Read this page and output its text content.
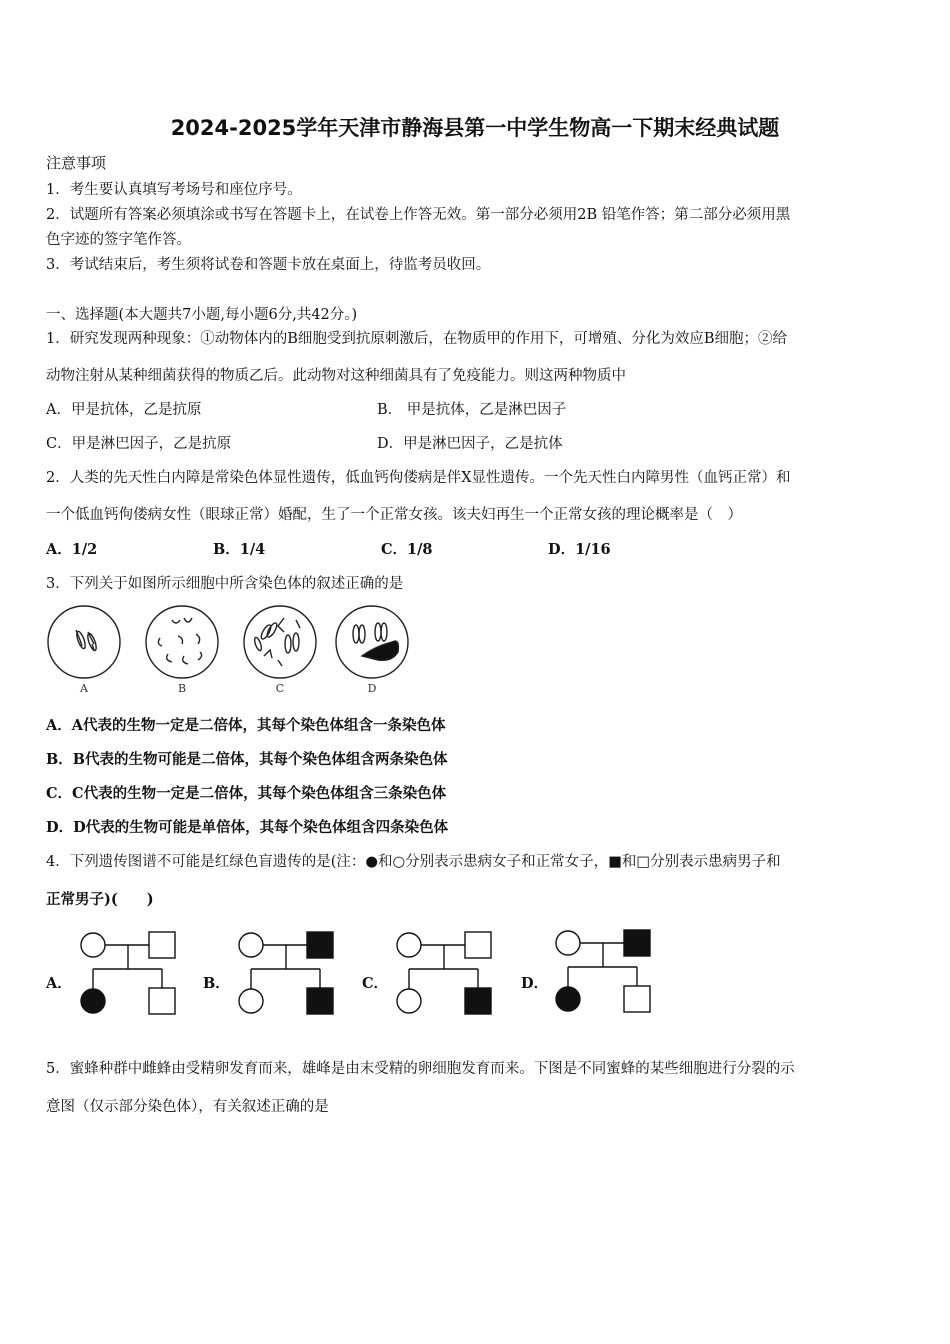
2024-2025学年天津市静海县第一中学生物高一下期末经典试题
注意事项
1．考生要认真填写考场号和座位序号。
2．试题所有答案必须填涂或书写在答题卡上，在试卷上作答无效。第一部分必须用2B 铅笔作答；第二部分必须用黑
色字迹的签字笔作答。
3．考试结束后，考生须将试卷和答题卡放在桌面上，待监考员收回。
一、选择题(本大题共7小题,每小题6分,共42分。)
1．研究发现两种现象：①动物体内的B细胞受到抗原刺激后，在物质甲的作用下，可增殖、分化为效应B细胞；②给
动物注射从某种细菌获得的物质乙后。此动物对这种细菌具有了免疫能力。则这两种物质中
A．甲是抗体，乙是抗原	B． 甲是抗体，乙是淋巴因子
C．甲是淋巴因子，乙是抗原	D．甲是淋巴因子，乙是抗体
2．人类的先天性白内障是常染色体显性遗传，低血钙佝偻病是伴X显性遗传。一个先天性白内障男性（血钙正常）和
一个低血钙佝偻病女性（眼球正常）婚配，生了一个正常女孩。该夫妇再生一个正常女孩的理论概率是（　）
A．1/2	B．1/4	C．1/8	D．1/16
3．下列关于如图所示细胞中所含染色体的叙述正确的是
A	B	C	D
A．A代表的生物一定是二倍体，其每个染色体组含一条染色体
B．B代表的生物可能是二倍体，其每个染色体组含两条染色体
C．C代表的生物一定是二倍体，其每个染色体组含三条染色体
D．D代表的生物可能是单倍体，其每个染色体组含四条染色体
4．下列遗传图谱不可能是红绿色盲遗传的是(注：●和○分别表示患病女子和正常女子，■和□分别表示患病男子和
正常男子)(　　)
A．	B．	C．	D．
5．蜜蜂种群中雌蜂由受精卵发育而来，雄峰是由末受精的卵细胞发育而来。下图是不同蜜蜂的某些细胞进行分裂的示
意图（仅示部分染色体），有关叙述正确的是
